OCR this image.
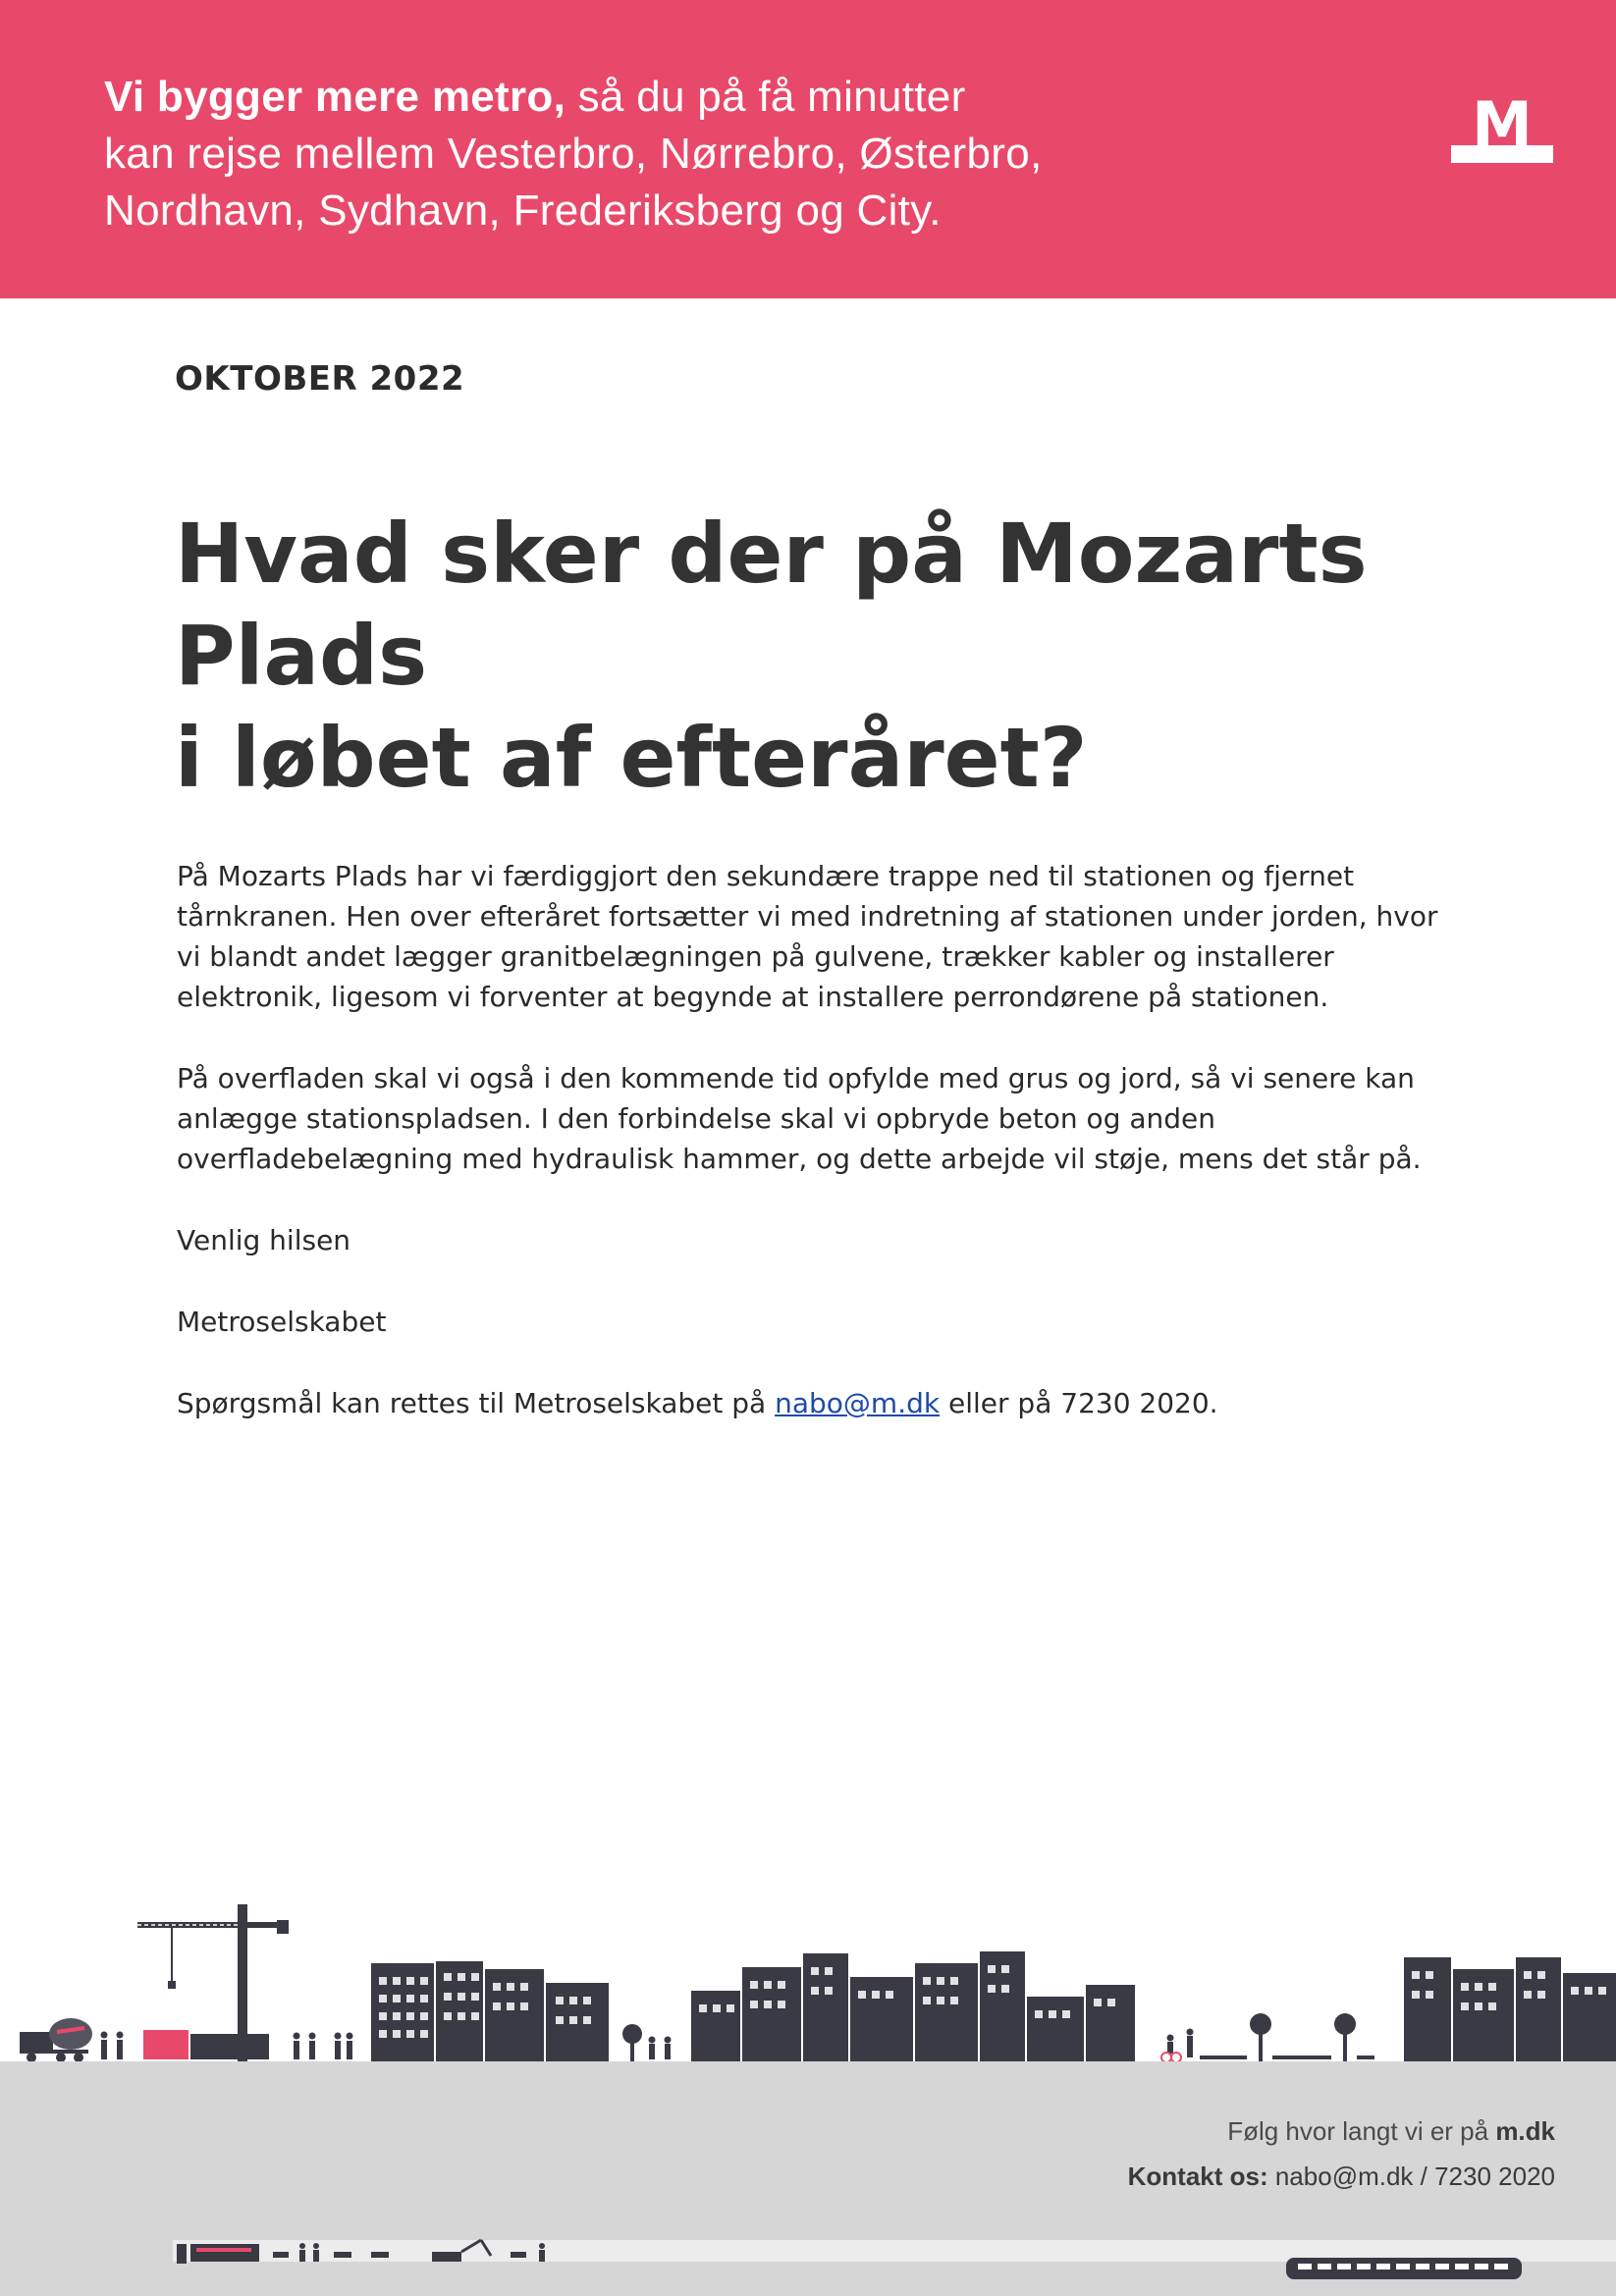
Vi bygger mere metro, så du på få minutter
kan rejse mellem Vesterbro, Nørrebro, Østerbro,
Nordhavn, Sydhavn, Frederiksberg og City.
M
OKTOBER 2022
Hvad sker der på Mozarts Plads
i løbet af efteråret?

På Mozarts Plads har vi færdiggjort den sekundære trappe ned til stationen og fjernet tårnkranen. Hen over efteråret fortsætter vi med indretning af stationen under jorden, hvor vi blandt andet lægger granitbelægningen på gulvene, trækker kabler og installerer elektronik, ligesom vi forventer at begynde at installere perrondørene på stationen.

På overfladen skal vi også i den kommende tid opfylde med grus og jord, så vi senere kan anlægge stationspladsen. I den forbindelse skal vi opbryde beton og anden overfladebelægning med hydraulisk hammer, og dette arbejde vil støje, mens det står på.

Venlig hilsen

Metroselskabet

Spørgsmål kan rettes til Metroselskabet på nabo@m.dk eller på 7230 2020.

Følg hvor langt vi er på m.dk
Kontakt os: nabo@m.dk / 7230 2020
